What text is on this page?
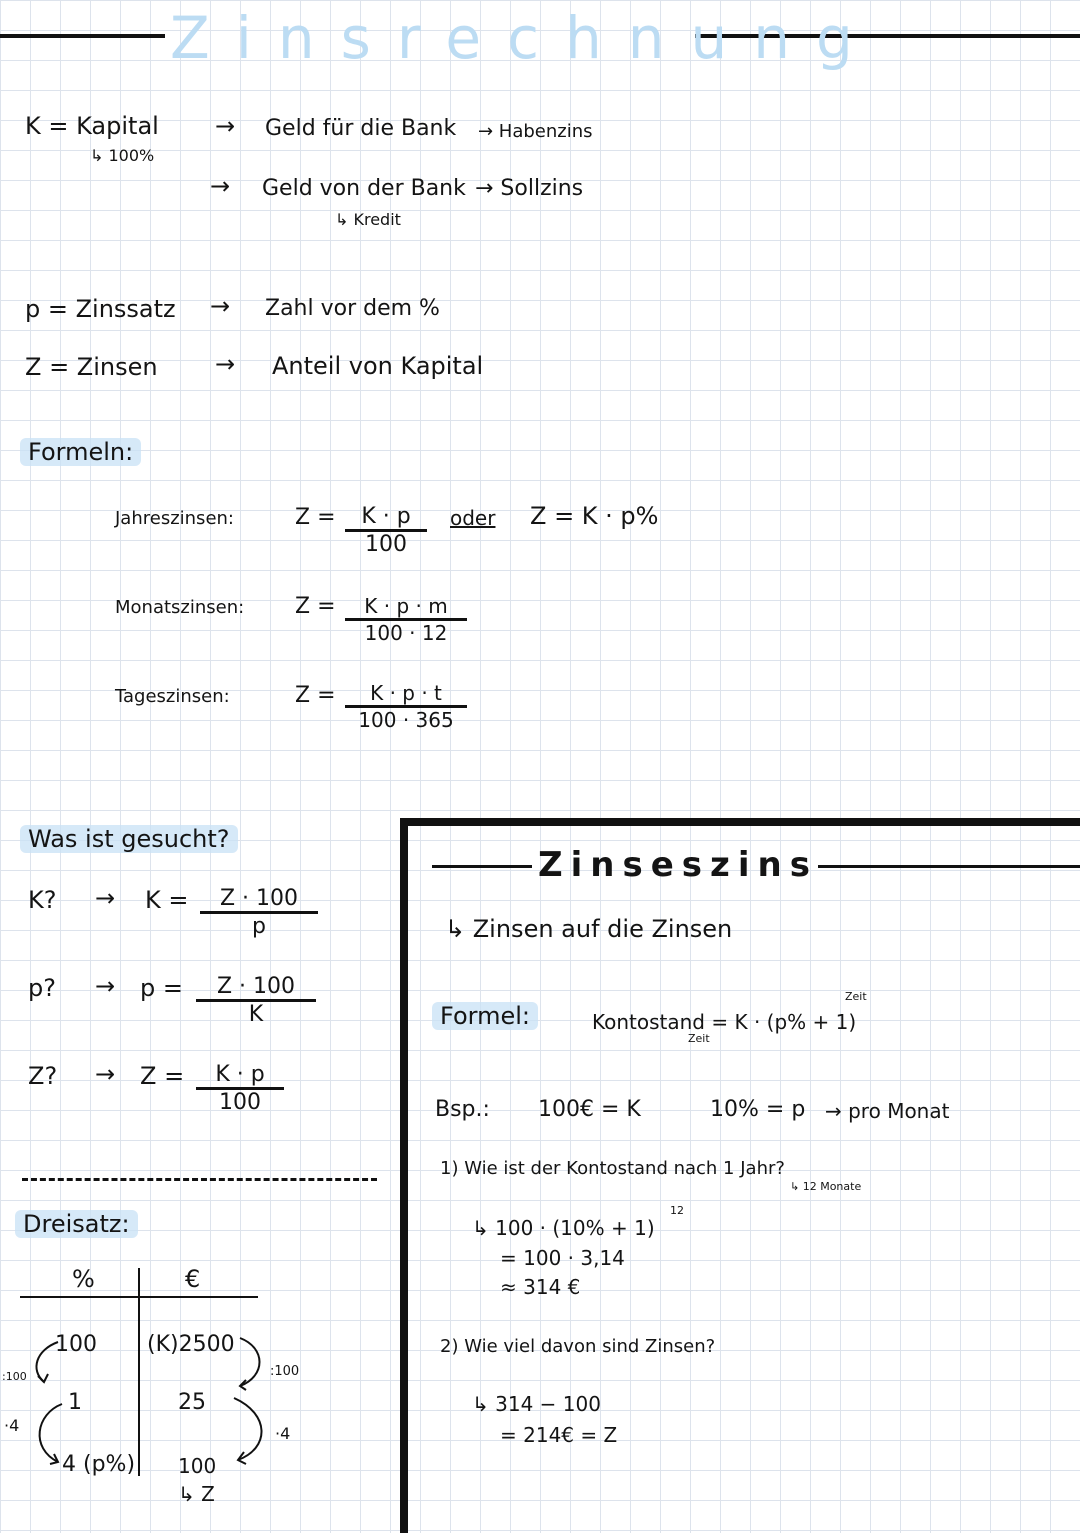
Zinsrechnung
K = Kapital
↳ 100%
→ Geld für die Bank → Habenzins
→ Geld von der Bank
↳ Kredit
→ Sollzins
p = Zinssatz → Zahl vor dem %
Z = Zinsen → Anteil von Kapital
Formeln:
Jahreszinsen:	$Z = \frac{K \cdot p}{100}$ oder Z = K · p%
Monatszinsen: $Z = \frac{K \cdot p \cdot m}{100 \cdot 12}$
Tageszinsen:	$Z = \frac{K \cdot p \cdot t}{100 \cdot 365}$
Was ist gesucht?
K? → $K = \frac{Z \cdot 100}{p}$
p? → $p = \frac{Z \cdot 100}{K}$
Z? → $Z = \frac{K \cdot p}{100}$
Dreisatz:
%	€
100 (K)2500
1	25
4 (p%) 100
↳ Z
:100
·4
:100
·4
Zinseszins
↳ Zinsen auf die Zinsen
Formel:	Kontostand = K · (p% + 1)
Zeit
Zeit
Bsp.: 100€ = K	10% = p → pro Monat
1) Wie ist der Kontostand nach 1 Jahr?
↳ 12 Monate
↳ 100 · (10% + 1)
12
= 100 · 3,14
≈ 314 €
2) Wie viel davon sind Zinsen?
↳ 314 − 100
= 214€ = Z
